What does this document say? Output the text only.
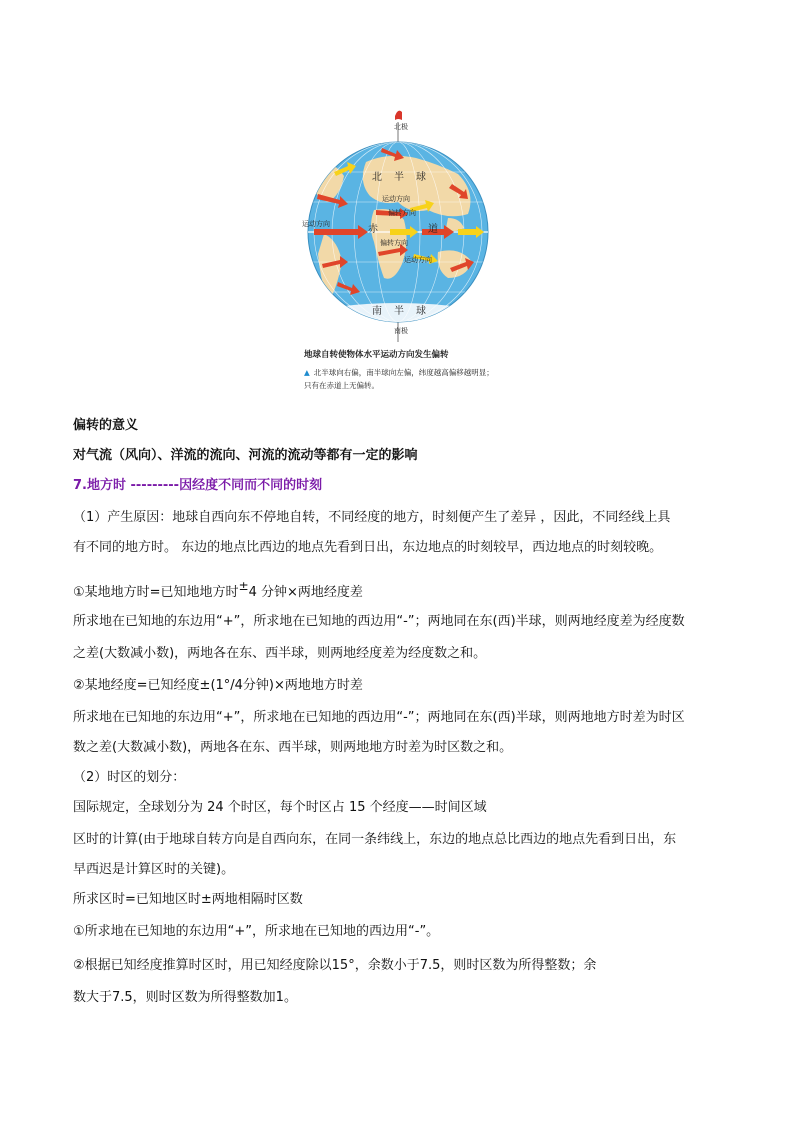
北极
南极
北半球
南半球
赤	道
运动方向
运动方向
偏转方向
偏转方向
运动方向
地球自转使物体水平运动方向发生偏转
▲ 北半球向右偏，南半球向左偏，纬度越高偏移越明显；只有在赤道上无偏转。
偏转的意义
对气流（风向）、洋流的流向、河流的流动等都有一定的影响
7.地方时 ---------因经度不同而不同的时刻
（1）产生原因：地球自西向东不停地自转，不同经度的地方，时刻便产生了差异 ，因此，不同经线上具
有不同的地方时。 东边的地点比西边的地点先看到日出，东边地点的时刻较早，西边地点的时刻较晚。
①某地地方时=已知地地方时±4 分钟×两地经度差
所求地在已知地的东边用“+”，所求地在已知地的西边用“-”；两地同在东(西)半球，则两地经度差为经度数
之差(大数减小数)，两地各在东、西半球，则两地经度差为经度数之和。
②某地经度=已知经度±(1°/4分钟)×两地地方时差
所求地在已知地的东边用“+”，所求地在已知地的西边用“-”；两地同在东(西)半球，则两地地方时差为时区
数之差(大数减小数)，两地各在东、西半球，则两地地方时差为时区数之和。
（2）时区的划分：
国际规定，全球划分为 24 个时区，每个时区占 15 个经度——时间区域
区时的计算(由于地球自转方向是自西向东，在同一条纬线上，东边的地点总比西边的地点先看到日出，东
早西迟是计算区时的关键)。
所求区时=已知地区时±两地相隔时区数
①所求地在已知地的东边用“+”，所求地在已知地的西边用“-”。
②根据已知经度推算时区时，用已知经度除以15°，余数小于7.5，则时区数为所得整数；余
数大于7.5，则时区数为所得整数加1。
